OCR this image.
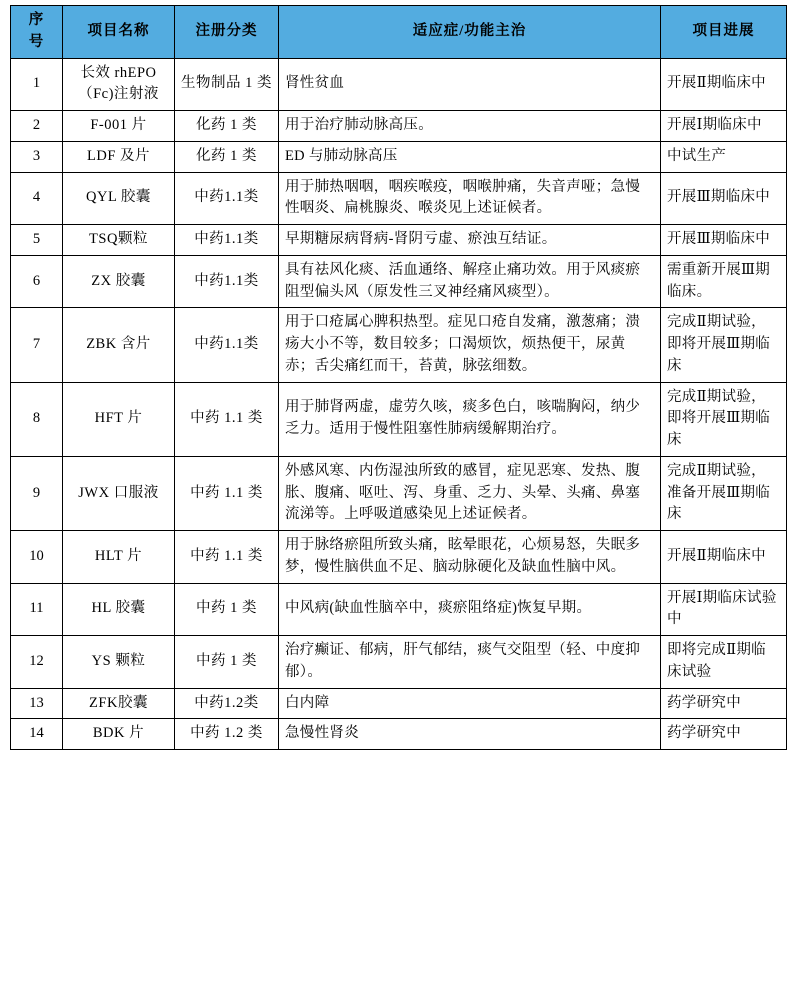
序
号	项目名称	注册分类	适应症/功能主治	项目进展
1	长效 rhEPO（Fc)注射液	生物制品 1 类	肾性贫血	开展Ⅱ期临床中
2	F-001 片	化药 1 类	用于治疗肺动脉高压。	开展Ⅰ期临床中
3	LDF 及片	化药 1 类	ED 与肺动脉高压	中试生产
4	QYL 胶囊	中药1.1类	用于肺热咽咽，咽疾喉疫，咽喉肿痛，失音声哑；急慢性咽炎、扁桃腺炎、喉炎见上述证候者。	开展Ⅲ期临床中
5	TSQ颗粒	中药1.1类	早期糖尿病肾病-肾阴亏虚、瘀浊互结证。	开展Ⅲ期临床中
6	ZX 胶囊	中药1.1类	具有祛风化痰、活血通络、解痉止痛功效。用于风痰瘀阻型偏头风（原发性三叉神经痛风痰型）。	需重新开展Ⅲ期临床。
7	ZBK 含片	中药1.1类	用于口疮属心脾积热型。症见口疮自发痛，激葱痛；溃疡大小不等，数目较多；口渴烦饮，烦热便干，尿黄赤；舌尖痛红而干，苔黄，脉弦细数。	完成Ⅱ期试验，即将开展Ⅲ期临床
8	HFT 片	中药 1.1 类	用于肺肾两虚，虚劳久咳，痰多色白，咳喘胸闷，纳少乏力。适用于慢性阻塞性肺病缓解期治疗。	完成Ⅱ期试验，即将开展Ⅲ期临床
9	JWX 口服液	中药 1.1 类	外感风寒、内伤湿浊所致的感冒，症见恶寒、发热、腹胀、腹痛、呕吐、泻、身重、乏力、头晕、头痛、鼻塞流涕等。上呼吸道感染见上述证候者。	完成Ⅱ期试验，准备开展Ⅲ期临床
10	HLT 片	中药 1.1 类	用于脉络瘀阻所致头痛，眩晕眼花，心烦易怒，失眠多梦，慢性脑供血不足、脑动脉硬化及缺血性脑中风。	开展Ⅱ期临床中
11	HL 胶囊	中药 1 类	中风病(缺血性脑卒中，痰瘀阻络症)恢复早期。	开展Ⅰ期临床试验中
12	YS 颗粒	中药 1 类	治疗癫证、郁病，肝气郁结，痰气交阻型（轻、中度抑郁）。	即将完成Ⅱ期临床试验
13	ZFK胶囊	中药1.2类	白内障	药学研究中
14	BDK 片	中药 1.2 类	急慢性肾炎	药学研究中
